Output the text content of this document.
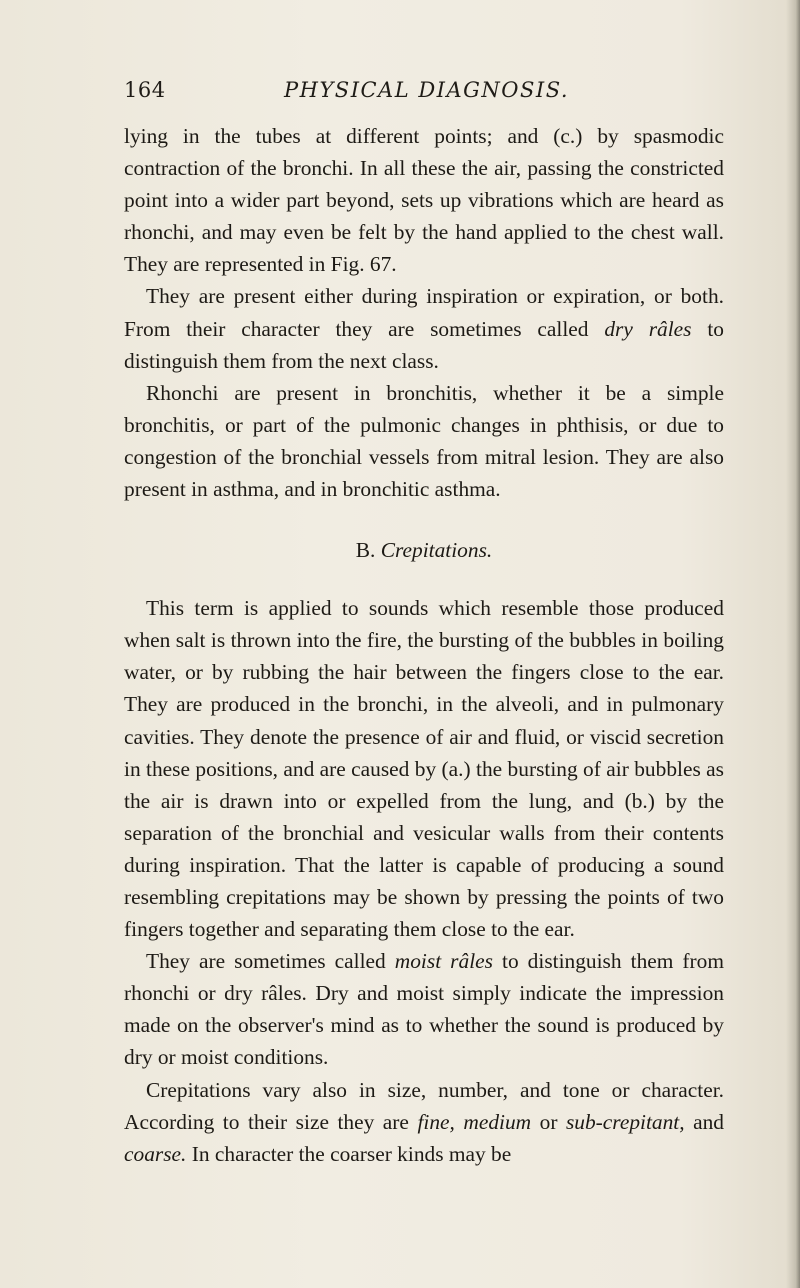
164	PHYSICAL DIAGNOSIS.

lying in the tubes at different points; and (c.) by spasmodic contraction of the bronchi. In all these the air, passing the constricted point into a wider part beyond, sets up vibrations which are heard as rhonchi, and may even be felt by the hand applied to the chest wall. They are represented in Fig. 67.

They are present either during inspiration or expiration, or both. From their character they are sometimes called dry râles to distinguish them from the next class.

Rhonchi are present in bronchitis, whether it be a simple bronchitis, or part of the pulmonic changes in phthisis, or due to congestion of the bronchial vessels from mitral lesion. They are also present in asthma, and in bronchitic asthma.

B. Crepitations.

This term is applied to sounds which resemble those produced when salt is thrown into the fire, the bursting of the bubbles in boiling water, or by rubbing the hair between the fingers close to the ear. They are produced in the bronchi, in the alveoli, and in pulmonary cavities. They denote the presence of air and fluid, or viscid secretion in these positions, and are caused by (a.) the bursting of air bubbles as the air is drawn into or expelled from the lung, and (b.) by the separation of the bronchial and vesicular walls from their contents during inspiration. That the latter is capable of producing a sound resembling crepitations may be shown by pressing the points of two fingers together and separating them close to the ear.

They are sometimes called moist râles to distinguish them from rhonchi or dry râles. Dry and moist simply indicate the impression made on the observer's mind as to whether the sound is produced by dry or moist conditions.

Crepitations vary also in size, number, and tone or character. According to their size they are fine, medium or sub-crepitant, and coarse. In character the coarser kinds may be
